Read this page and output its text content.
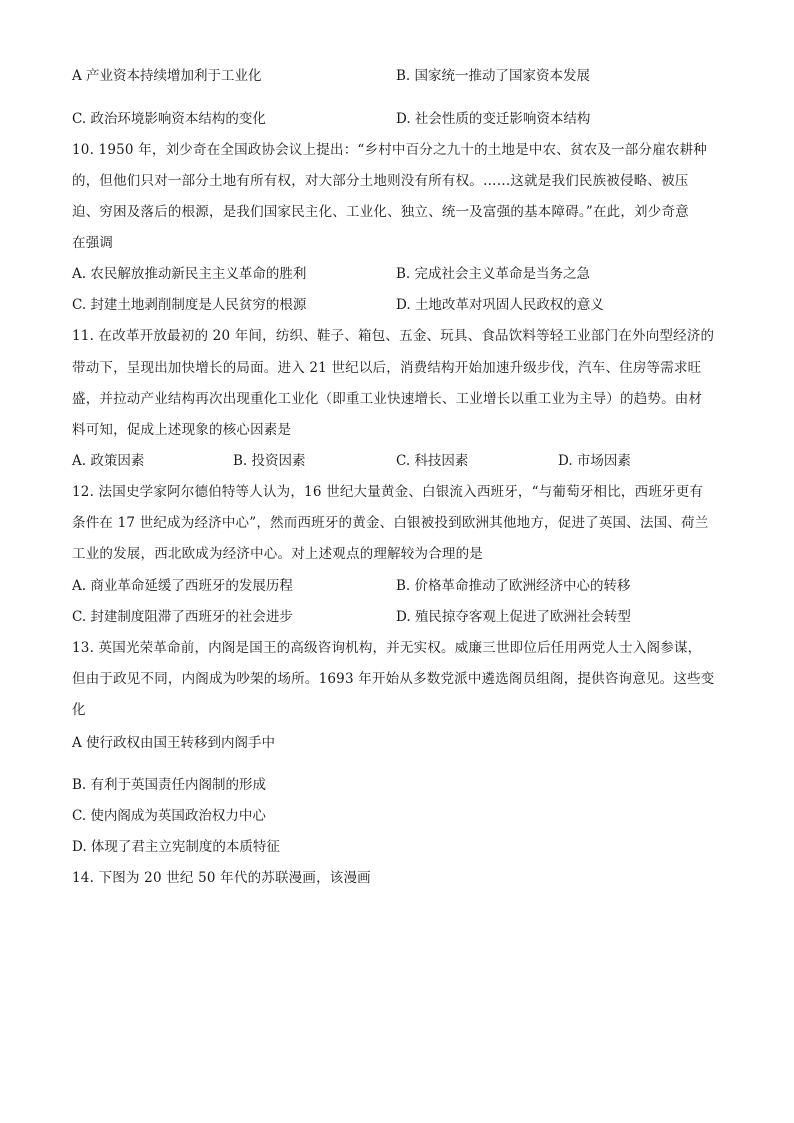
A 产业资本持续增加利于工业化	B. 国家统一推动了国家资本发展
C. 政治环境影响资本结构的变化	D. 社会性质的变迁影响资本结构
10. 1950 年，刘少奇在全国政协会议上提出：“乡村中百分之九十的土地是中农、贫农及一部分雇农耕种
的，但他们只对一部分土地有所有权，对大部分土地则没有所有权。……这就是我们民族被侵略、被压
迫、穷困及落后的根源，是我们国家民主化、工业化、独立、统一及富强的基本障碍。”在此，刘少奇意
在强调
A. 农民解放推动新民主主义革命的胜利	B. 完成社会主义革命是当务之急
C. 封建土地剥削制度是人民贫穷的根源	D. 土地改革对巩固人民政权的意义
11. 在改革开放最初的 20 年间，纺织、鞋子、箱包、五金、玩具、食品饮料等轻工业部门在外向型经济的
带动下，呈现出加快增长的局面。进入 21 世纪以后，消费结构开始加速升级步伐，汽车、住房等需求旺
盛，并拉动产业结构再次出现重化工业化（即重工业快速增长、工业增长以重工业为主导）的趋势。由材
料可知，促成上述现象的核心因素是
A. 政策因素	B. 投资因素	C. 科技因素	D. 市场因素
12. 法国史学家阿尔德伯特等人认为，16 世纪大量黄金、白银流入西班牙，“与葡萄牙相比，西班牙更有
条件在 17 世纪成为经济中心”，然而西班牙的黄金、白银被投到欧洲其他地方，促进了英国、法国、荷兰
工业的发展，西北欧成为经济中心。对上述观点的理解较为合理的是
A. 商业革命延缓了西班牙的发展历程	B. 价格革命推动了欧洲经济中心的转移
C. 封建制度阻滞了西班牙的社会进步	D. 殖民掠夺客观上促进了欧洲社会转型
13. 英国光荣革命前，内阁是国王的高级咨询机构，并无实权。威廉三世即位后任用两党人士入阁参谋，
但由于政见不同，内阁成为吵架的场所。1693 年开始从多数党派中遴选阁员组阁，提供咨询意见。这些变
化
A 使行政权由国王转移到内阁手中
B. 有利于英国责任内阁制的形成
C. 使内阁成为英国政治权力中心
D. 体现了君主立宪制度的本质特征
14. 下图为 20 世纪 50 年代的苏联漫画，该漫画
